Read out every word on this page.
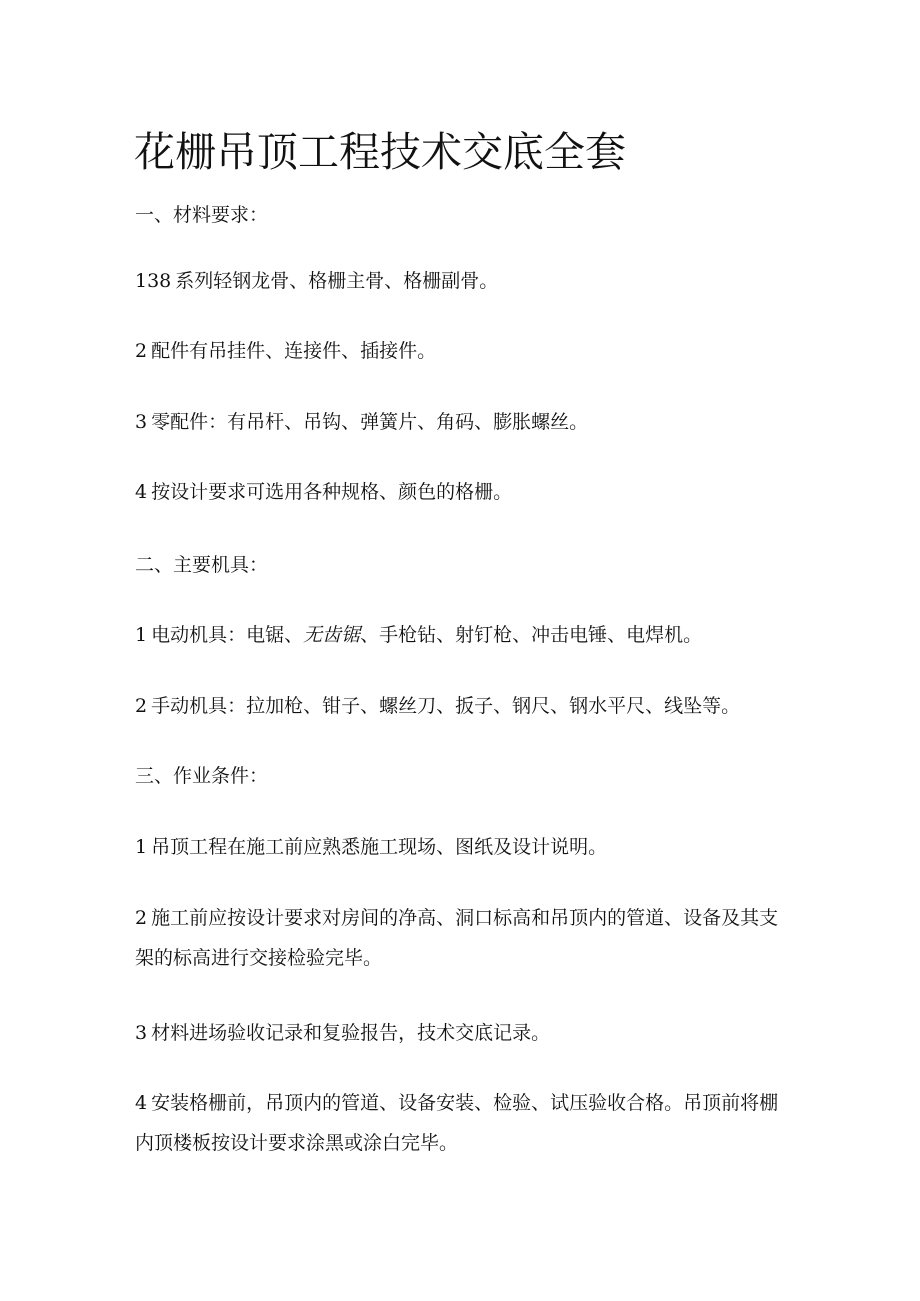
花栅吊顶工程技术交底全套

一、材料要求：

138 系列轻钢龙骨、格栅主骨、格栅副骨。

2 配件有吊挂件、连接件、插接件。

3 零配件：有吊杆、吊钩、弹簧片、角码、膨胀螺丝。

4 按设计要求可选用各种规格、颜色的格栅。

二、主要机具：

1 电动机具：电锯、无齿锯、手枪钻、射钉枪、冲击电锤、电焊机。

2 手动机具：拉加枪、钳子、螺丝刀、扳子、钢尺、钢水平尺、线坠等。

三、作业条件：

1 吊顶工程在施工前应熟悉施工现场、图纸及设计说明。

2 施工前应按设计要求对房间的净高、洞口标高和吊顶内的管道、设备及其支架的标高进行交接检验完毕。

3 材料进场验收记录和复验报告，技术交底记录。

4 安装格栅前，吊顶内的管道、设备安装、检验、试压验收合格。吊顶前将棚内顶楼板按设计要求涂黑或涂白完毕。
